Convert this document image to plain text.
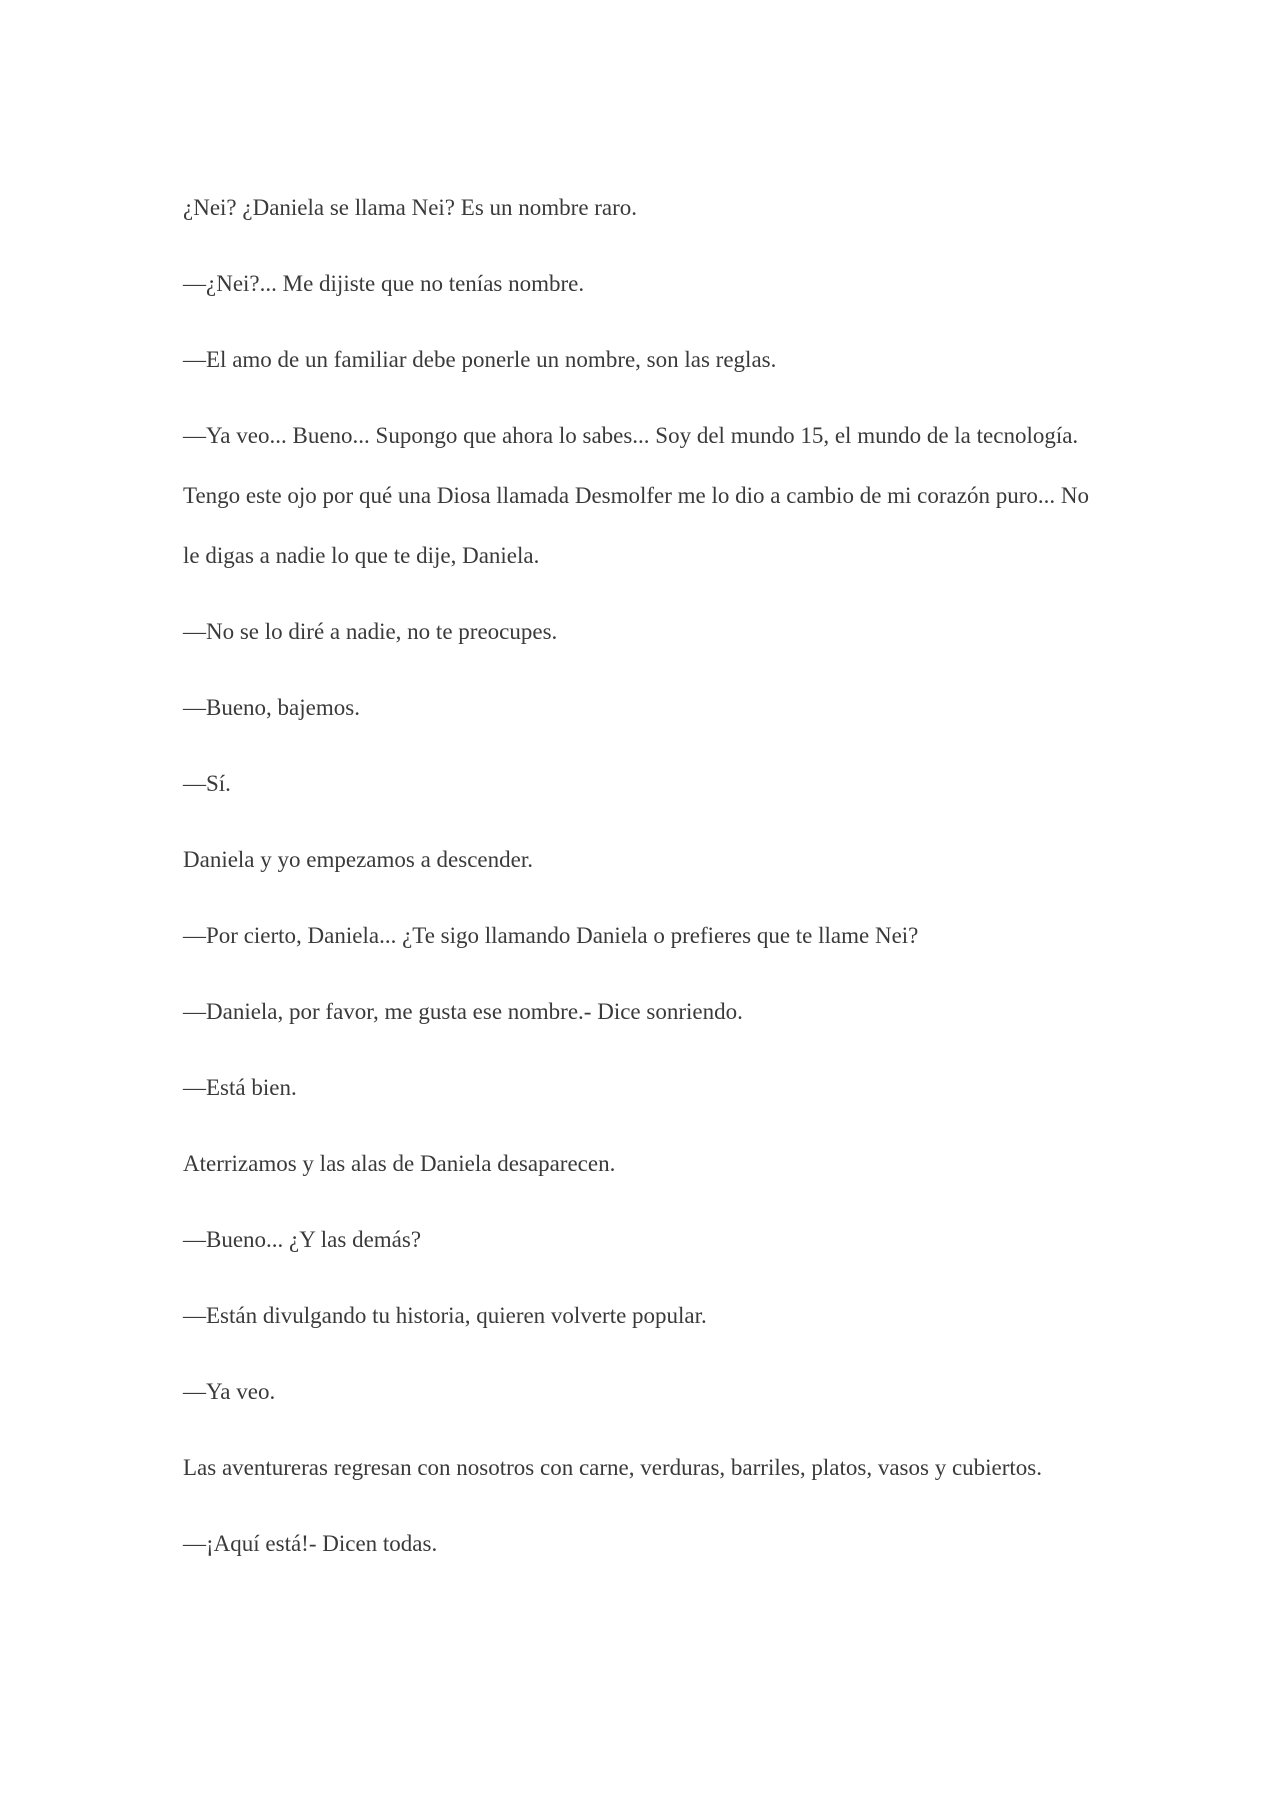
¿Nei? ¿Daniela se llama Nei? Es un nombre raro.

—¿Nei?... Me dijiste que no tenías nombre.

—El amo de un familiar debe ponerle un nombre, son las reglas.

—Ya veo... Bueno... Supongo que ahora lo sabes... Soy del mundo 15, el mundo de la tecnología. Tengo este ojo por qué una Diosa llamada Desmolfer me lo dio a cambio de mi corazón puro... No le digas a nadie lo que te dije, Daniela.

—No se lo diré a nadie, no te preocupes.

—Bueno, bajemos.

—Sí.

Daniela y yo empezamos a descender.

—Por cierto, Daniela... ¿Te sigo llamando Daniela o prefieres que te llame Nei?

—Daniela, por favor, me gusta ese nombre.- Dice sonriendo.

—Está bien.

Aterrizamos y las alas de Daniela desaparecen.

—Bueno... ¿Y las demás?

—Están divulgando tu historia, quieren volverte popular.

—Ya veo.

Las aventureras regresan con nosotros con carne, verduras, barriles, platos, vasos y cubiertos.

—¡Aquí está!- Dicen todas.
